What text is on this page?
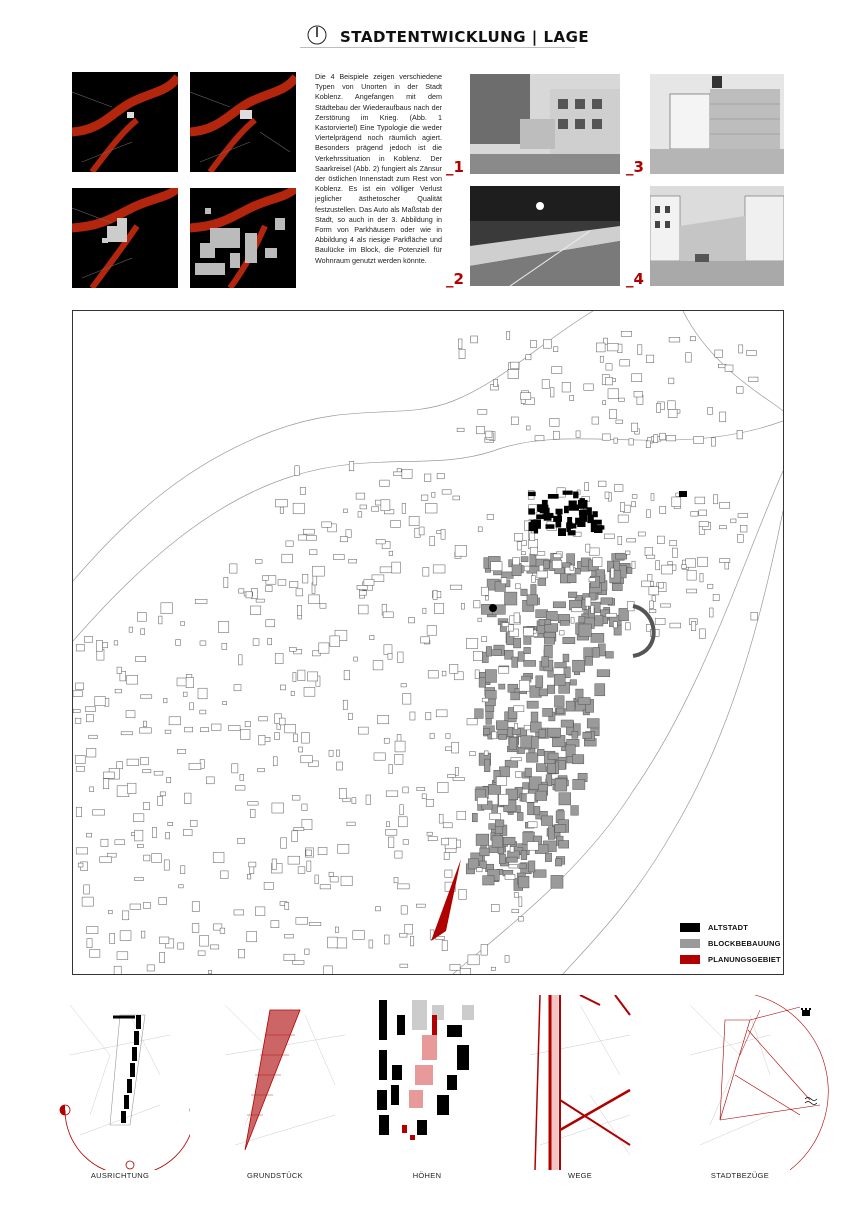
STADTENTWICKLUNG | LAGE
Die 4 Beispiele zeigen verschiedene Typen von Unorten in der Stadt Koblenz. Angefangen mit dem Städtebau der Wiederaufbaus nach der Zerstörung im Krieg. (Abb. 1 Kastorviertel) Eine Typologie die weder Viertelprägend noch räumlich agiert. Besonders prägend jedoch ist die Verkehrssituation in Koblenz. Der Saarkreisel (Abb. 2) fungiert als Zänsur der östlichen Innenstadt zum Rest von Koblenz. Es ist ein völliger Verlust jeglicher ästhetoscher Qualität festzustellen. Das Auto als Maßstab der Stadt, so auch in der 3. Abbildung in Form von Parkhäusern oder wie in Abbildung 4 als riesige Parkfläche und Baulücke im Block, die Potenziell für Wohnraum genutzt werden könnte.
_1
_2
_3
_4
ALTSTADT
BLOCKBEBAUUNG
PLANUNGSGEBIET
AUSRICHTUNG	GRUNDSTÜCK	HÖHEN	WEGE	STADTBEZÜGE
